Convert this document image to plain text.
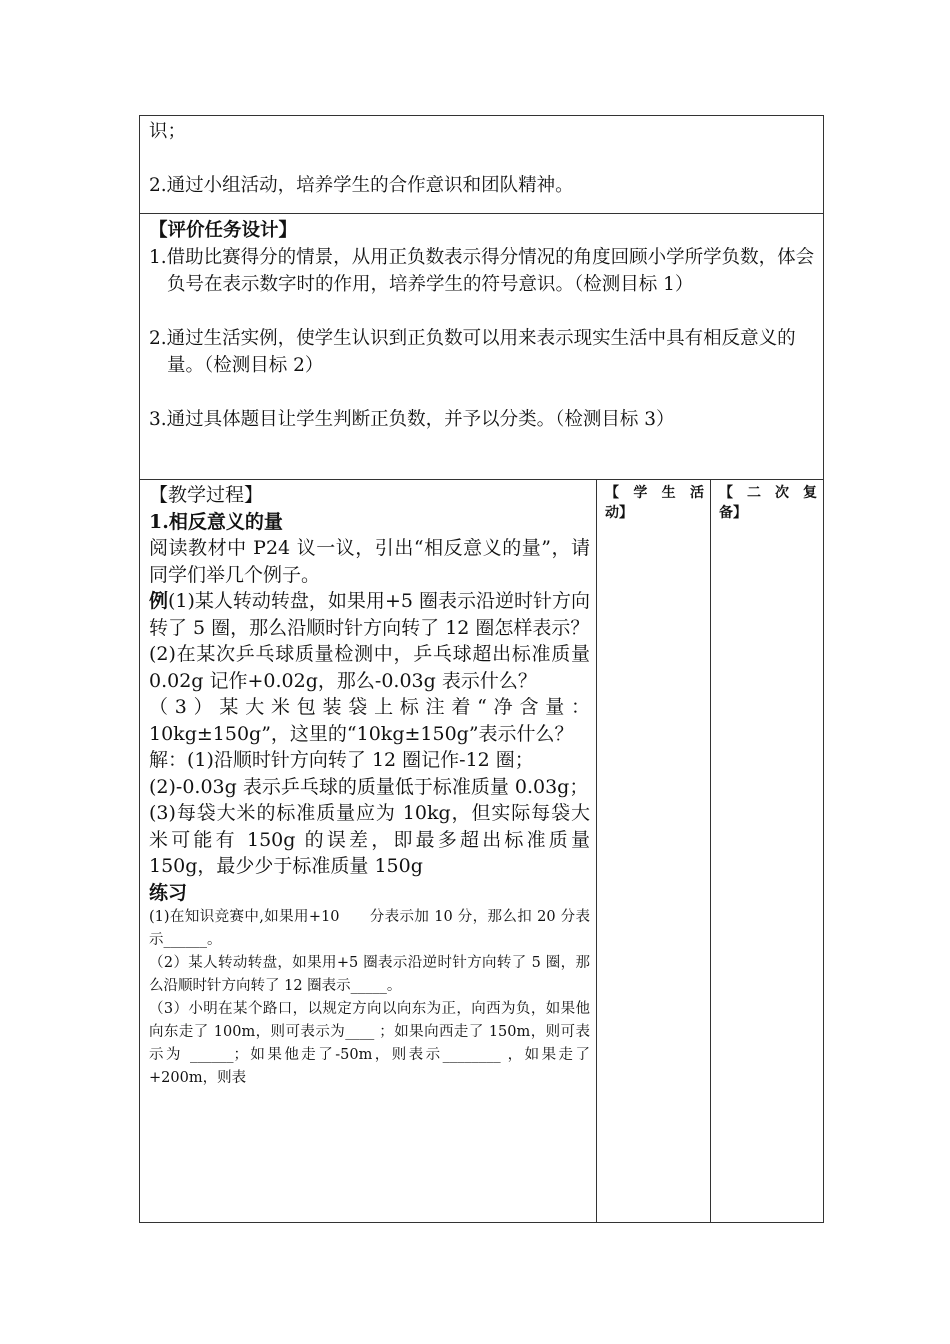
识；

2.通过小组活动，培养学生的合作意识和团队精神。

【评价任务设计】

1.借助比赛得分的情景，从用正负数表示得分情况的角度回顾小学所学负数，体会负号在表示数字时的作用，培养学生的符号意识。（检测目标 1）

2.通过生活实例，使学生认识到正负数可以用来表示现实生活中具有相反意义的量。（检测目标 2）

3.通过具体题目让学生判断正负数，并予以分类。（检测目标 3）

【教学过程】

1.相反意义的量

阅读教材中 P24 议一议，引出“相反意义的量”，请同学们举几个例子。

例(1)某人转动转盘，如果用+5 圈表示沿逆时针方向转了 5 圈，那么沿顺时针方向转了 12 圈怎样表示？

(2)在某次乒乓球质量检测中，乒乓球超出标准质量 0.02g 记作+0.02g，那么-0.03g 表示什么？

（3）某大米包装袋上标注着“净含量：10kg±150g”，这里的“10kg±150g”表示什么？

解：(1)沿顺时针方向转了 12 圈记作-12 圈；

(2)-0.03g 表示乒乓球的质量低于标准质量 0.03g；

(3)每袋大米的标准质量应为 10kg，但实际每袋大米可能有 150g 的误差，即最多超出标准质量 150g，最少少于标准质量 150g

练习

(1)在知识竞赛中,如果用+10　　分表示加 10 分，那么扣 20 分表示______。

（2）某人转动转盘，如果用+5 圈表示沿逆时针方向转了 5 圈，那么沿顺时针方向转了 12 圈表示_____。

（3）小明在某个路口，以规定方向以向东为正，向西为负，如果他向东走了 100m，则可表示为____ ；如果向西走了 150m，则可表示为 ______；如果他走了-50m，则表示________ ，如果走了+200m，则表

【学生活

动】

【二次复

备】
